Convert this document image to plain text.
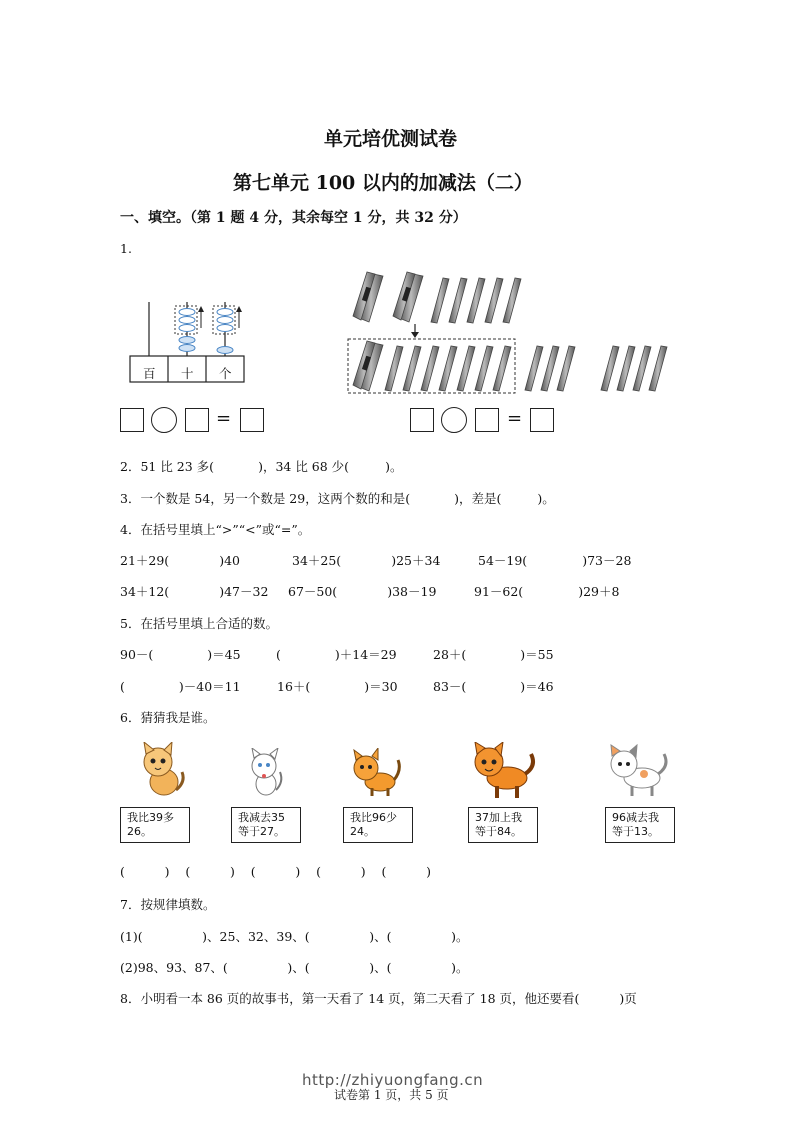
单元培优测试卷
第七单元 100 以内的加减法（二）
一、填空。（第 1 题 4 分，其余每空 1 分，共 32 分）
1.
百 十 个
=	=
2．51 比 23 多(	)，34 比 68 少(	)。
3．一个数是 54，另一个数是 29，这两个数的和是(	)，差是(	)。
4．在括号里填上“>”“<”或“=”。
21＋29(	)40	34＋25(	)25＋34	54－19(	)73－28
34＋12(	)47－32 67－50(	)38－19	91－62(	)29＋8
5．在括号里填上合适的数。
90－(	)＝45	(	)＋14＝29	28＋(	)＝55
(	)－40＝11	16＋(	)＝30	83－(	)＝46
6．猜猜我是谁。
我比39多
26。
我减去35
等于27。
我比96少
24。
37加上我
等于84。
96减去我
等于13。
(          )    (          )    (          )    (          )    (          )
7．按规律填数。
(1)(               )、25、32、39、(               )、(               )。
(2)98、93、87、(               )、(               )、(               )。
8．小明看一本 86 页的故事书，第一天看了 14 页，第二天看了 18 页，他还要看(	)页
http://zhiyuongfang.cn
试卷第 1 页，共 5 页
